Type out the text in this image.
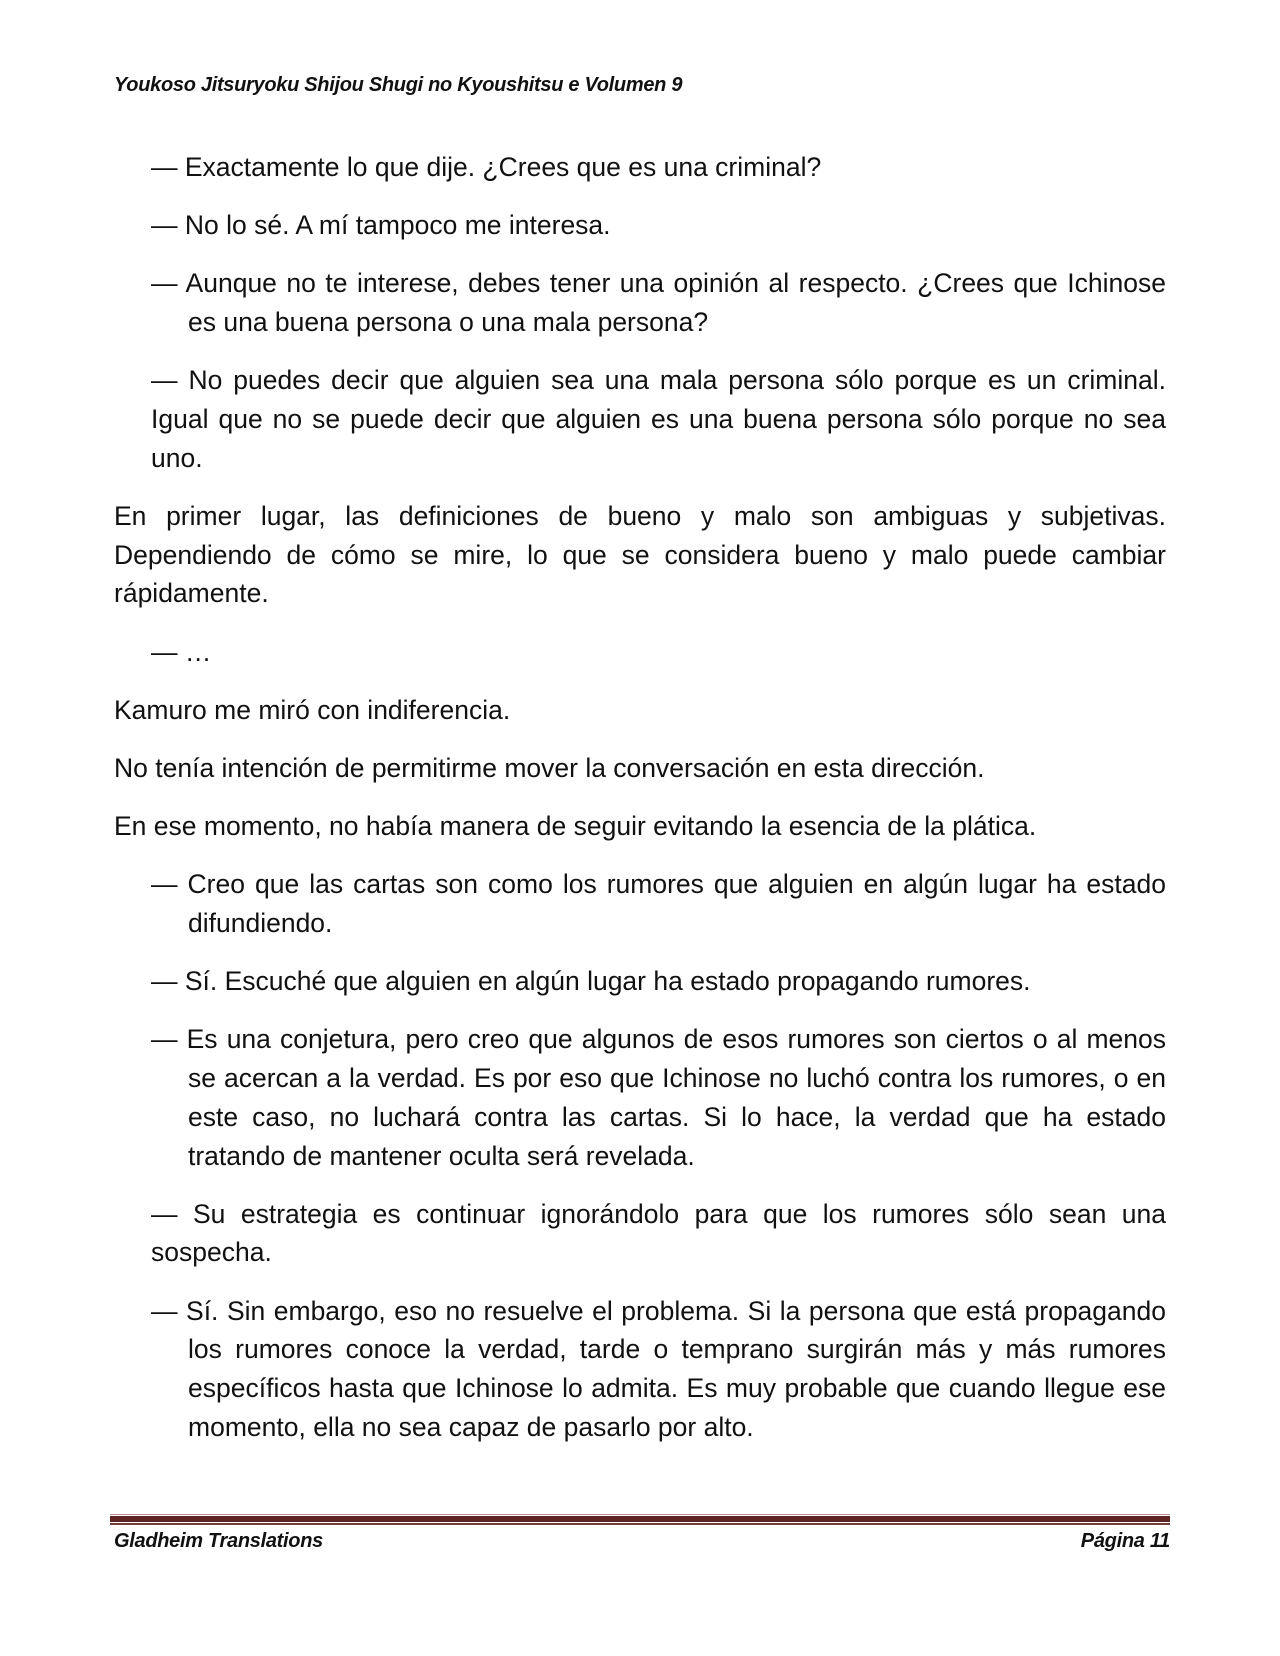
Youkoso Jitsuryoku Shijou Shugi no Kyoushitsu e Volumen 9

— Exactamente lo que dije. ¿Crees que es una criminal?

— No lo sé. A mí tampoco me interesa.

— Aunque no te interese, debes tener una opinión al respecto. ¿Crees que Ichinose es una buena persona o una mala persona?

— No puedes decir que alguien sea una mala persona sólo porque es un criminal. Igual que no se puede decir que alguien es una buena persona sólo porque no sea uno.

En primer lugar, las definiciones de bueno y malo son ambiguas y subjetivas. Dependiendo de cómo se mire, lo que se considera bueno y malo puede cambiar rápidamente.

— …

Kamuro me miró con indiferencia.

No tenía intención de permitirme mover la conversación en esta dirección.

En ese momento, no había manera de seguir evitando la esencia de la plática.

— Creo que las cartas son como los rumores que alguien en algún lugar ha estado difundiendo.

— Sí. Escuché que alguien en algún lugar ha estado propagando rumores.

— Es una conjetura, pero creo que algunos de esos rumores son ciertos o al menos se acercan a la verdad. Es por eso que Ichinose no luchó contra los rumores, o en este caso, no luchará contra las cartas. Si lo hace, la verdad que ha estado tratando de mantener oculta será revelada.

— Su estrategia es continuar ignorándolo para que los rumores sólo sean una sospecha.

— Sí. Sin embargo, eso no resuelve el problema. Si la persona que está propagando los rumores conoce la verdad, tarde o temprano surgirán más y más rumores específicos hasta que Ichinose lo admita. Es muy probable que cuando llegue ese momento, ella no sea capaz de pasarlo por alto.

Gladheim Translations	Página 11
